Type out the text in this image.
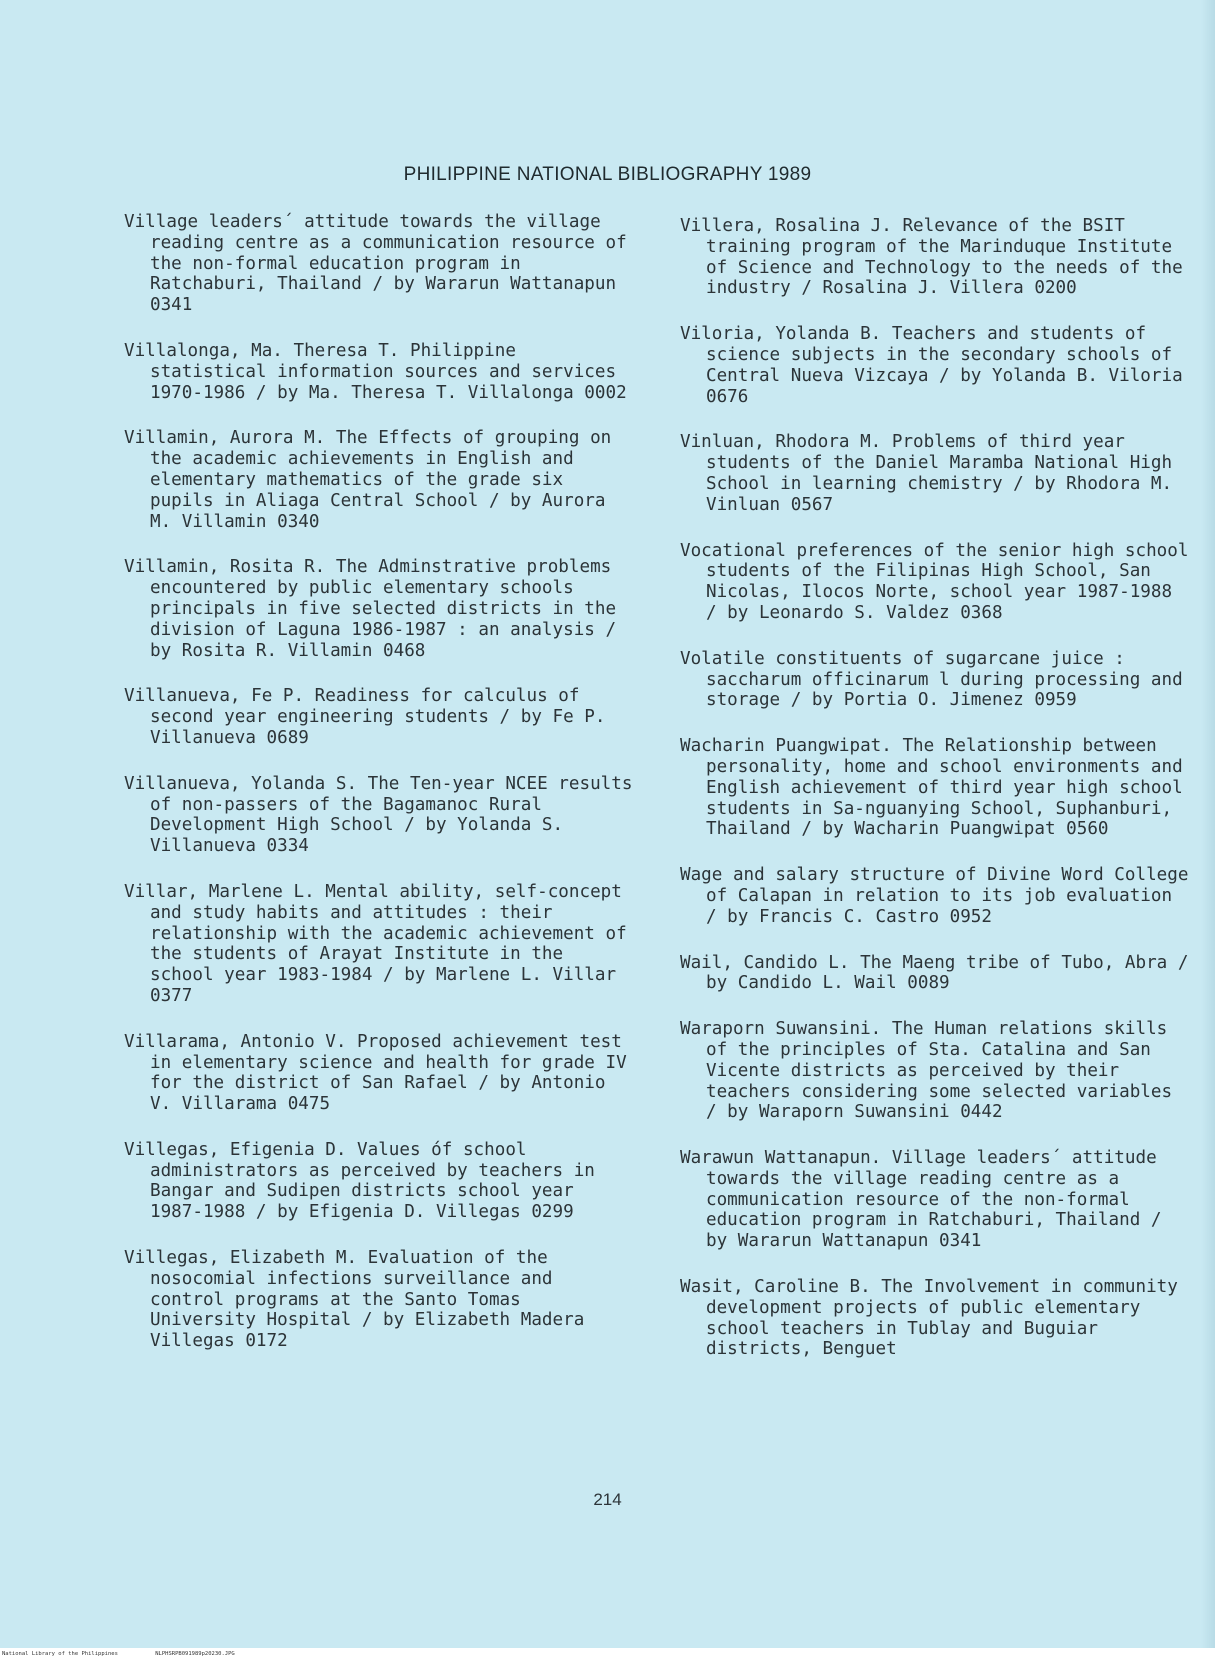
PHILIPPINE NATIONAL BIBLIOGRAPHY 1989
Village leaders´ attitude towards the village reading centre as a communication resource of the non-formal education program in Ratchaburi, Thailand / by Wararun Wattanapun 0341
Villalonga, Ma. Theresa T. Philippine statistical information sources and services 1970-1986 / by Ma. Theresa T. Villalonga 0002
Villamin, Aurora M. The Effects of grouping on the academic achievements in English and elementary mathematics of the grade six pupils in Aliaga Central School / by Aurora M. Villamin 0340
Villamin, Rosita R. The Adminstrative problems encountered by public elementary schools principals in five selected districts in the division of Laguna 1986-1987 : an analysis / by Rosita R. Villamin 0468
Villanueva, Fe P. Readiness for calculus of second year engineering students / by Fe P. Villanueva 0689
Villanueva, Yolanda S. The Ten-year NCEE results of non-passers of the Bagamanoc Rural Development High School / by Yolanda S. Villanueva 0334
Villar, Marlene L. Mental ability, self-concept and study habits and attitudes : their relationship with the academic achievement of the students of Arayat Institute in the school year 1983-1984 / by Marlene L. Villar 0377
Villarama, Antonio V. Proposed achievement test in elementary science and health for grade IV for the district of San Rafael / by Antonio V. Villarama 0475
Villegas, Efigenia D. Values óf school administrators as perceived by teachers in Bangar and Sudipen districts school year 1987-1988 / by Efigenia D. Villegas 0299
Villegas, Elizabeth M. Evaluation of the nosocomial infections surveillance and control programs at the Santo Tomas University Hospital / by Elizabeth Madera Villegas 0172
Villera, Rosalina J. Relevance of the BSIT training program of the Marinduque Institute of Science and Technology to the needs of the industry / Rosalina J. Villera 0200
Viloria, Yolanda B. Teachers and students of science subjects in the secondary schools of Central Nueva Vizcaya / by Yolanda B. Viloria 0676
Vinluan, Rhodora M. Problems of third year students of the Daniel Maramba National High School in learning chemistry / by Rhodora M. Vinluan 0567
Vocational preferences of the senior high school students of the Filipinas High School, San Nicolas, Ilocos Norte, school year 1987-1988 / by Leonardo S. Valdez 0368
Volatile constituents of sugarcane juice : saccharum officinarum l during processing and storage / by Portia O. Jimenez 0959
Wacharin Puangwipat. The Relationship between personality, home and school environments and English achievement of third year high school students in Sa-nguanying School, Suphanburi, Thailand / by Wacharin Puangwipat 0560
Wage and salary structure of Divine Word College of Calapan in relation to its job evaluation / by Francis C. Castro 0952
Wail, Candido L. The Maeng tribe of Tubo, Abra / by Candido L. Wail 0089
Waraporn Suwansini. The Human relations skills of the principles of Sta. Catalina and San Vicente districts as perceived by their teachers considering some selected variables / by Waraporn Suwansini 0442
Warawun Wattanapun. Village leaders´ attitude towards the village reading centre as a communication resource of the non-formal education program in Ratchaburi, Thailand / by Wararun Wattanapun 0341
Wasit, Caroline B. The Involvement in community development projects of public elementary school teachers in Tublay and Buguiar districts, Benguet
214
National Library of the Philippines	NLPHSRPB091989p20230.JPG
